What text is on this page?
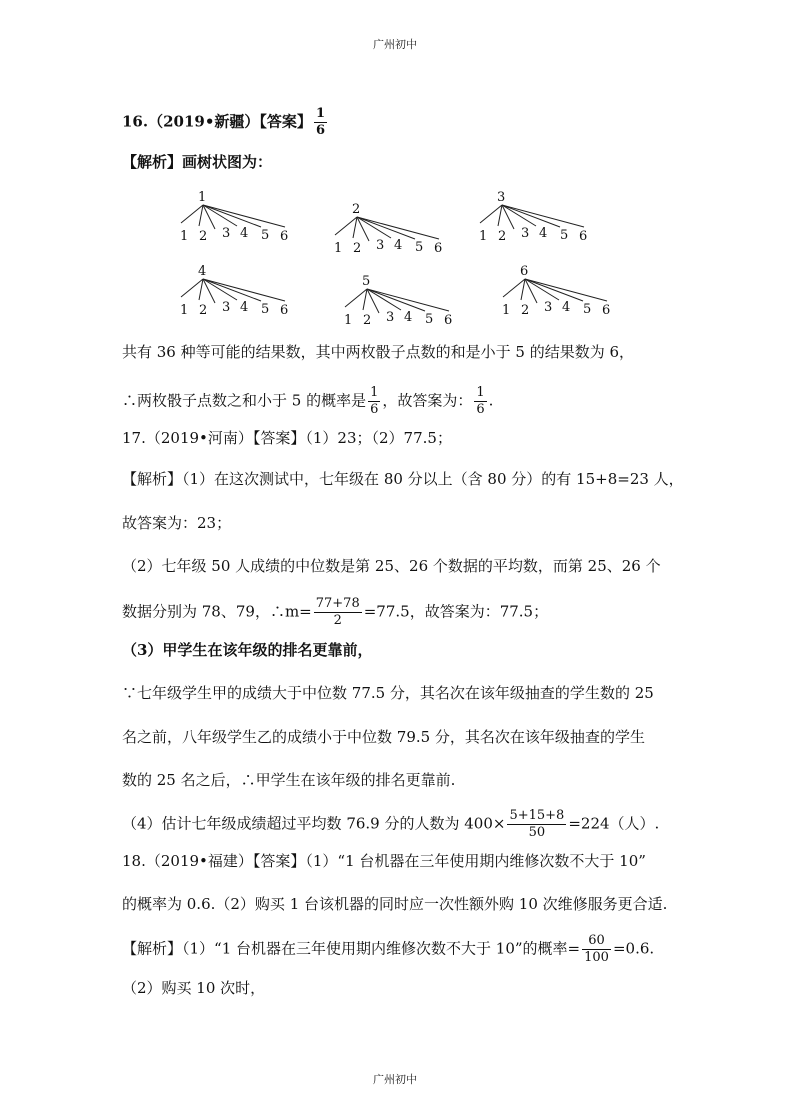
广州初中
16.（2019•新疆）【答案】 $\frac{1}{6}$
【解析】画树状图为：
1
1 2 3 4 5 6
2
1 2 3 4 5 6
3
1 2 3 4 5 6
4
1 2 3 4 5 6
5
1 2 3 4 5 6
6
1 2 3 4 5 6
共有 36 种等可能的结果数，其中两枚骰子点数的和是小于 5 的结果数为 6，
∴两枚骰子点数之和小于 5 的概率是 $\frac{1}{6}$ ，故答案为： $\frac{1}{6}$ .
17.（2019•河南）【答案】（1）23；（2）77.5；
【解析】（1）在这次测试中，七年级在 80 分以上（含 80 分）的有 15+8=23 人，
故答案为：23；
（2）七年级 50 人成绩的中位数是第 25、26 个数据的平均数，而第 25、26 个
数据分别为 78、79，∴m= $\frac{77+78}{2} =77.5$，故答案为：77.5；
（3）甲学生在该年级的排名更靠前，
∵七年级学生甲的成绩大于中位数 77.5 分，其名次在该年级抽查的学生数的 25
名之前，八年级学生乙的成绩小于中位数 79.5 分，其名次在该年级抽查的学生
数的 25 名之后，∴甲学生在该年级的排名更靠前.
（4）估计七年级成绩超过平均数 76.9 分的人数为 $400\times \frac{5+15+8}{50} =224$（人）.
18.（2019•福建）【答案】（1）“1 台机器在三年使用期内维修次数不大于 10”
的概率为 0.6.（2）购买 1 台该机器的同时应一次性额外购 10 次维修服务更合适.
【解析】（1）“1 台机器在三年使用期内维修次数不大于 10”的概率= $\frac{60}{100} =0.6$.
（2）购买 10 次时，
广州初中
